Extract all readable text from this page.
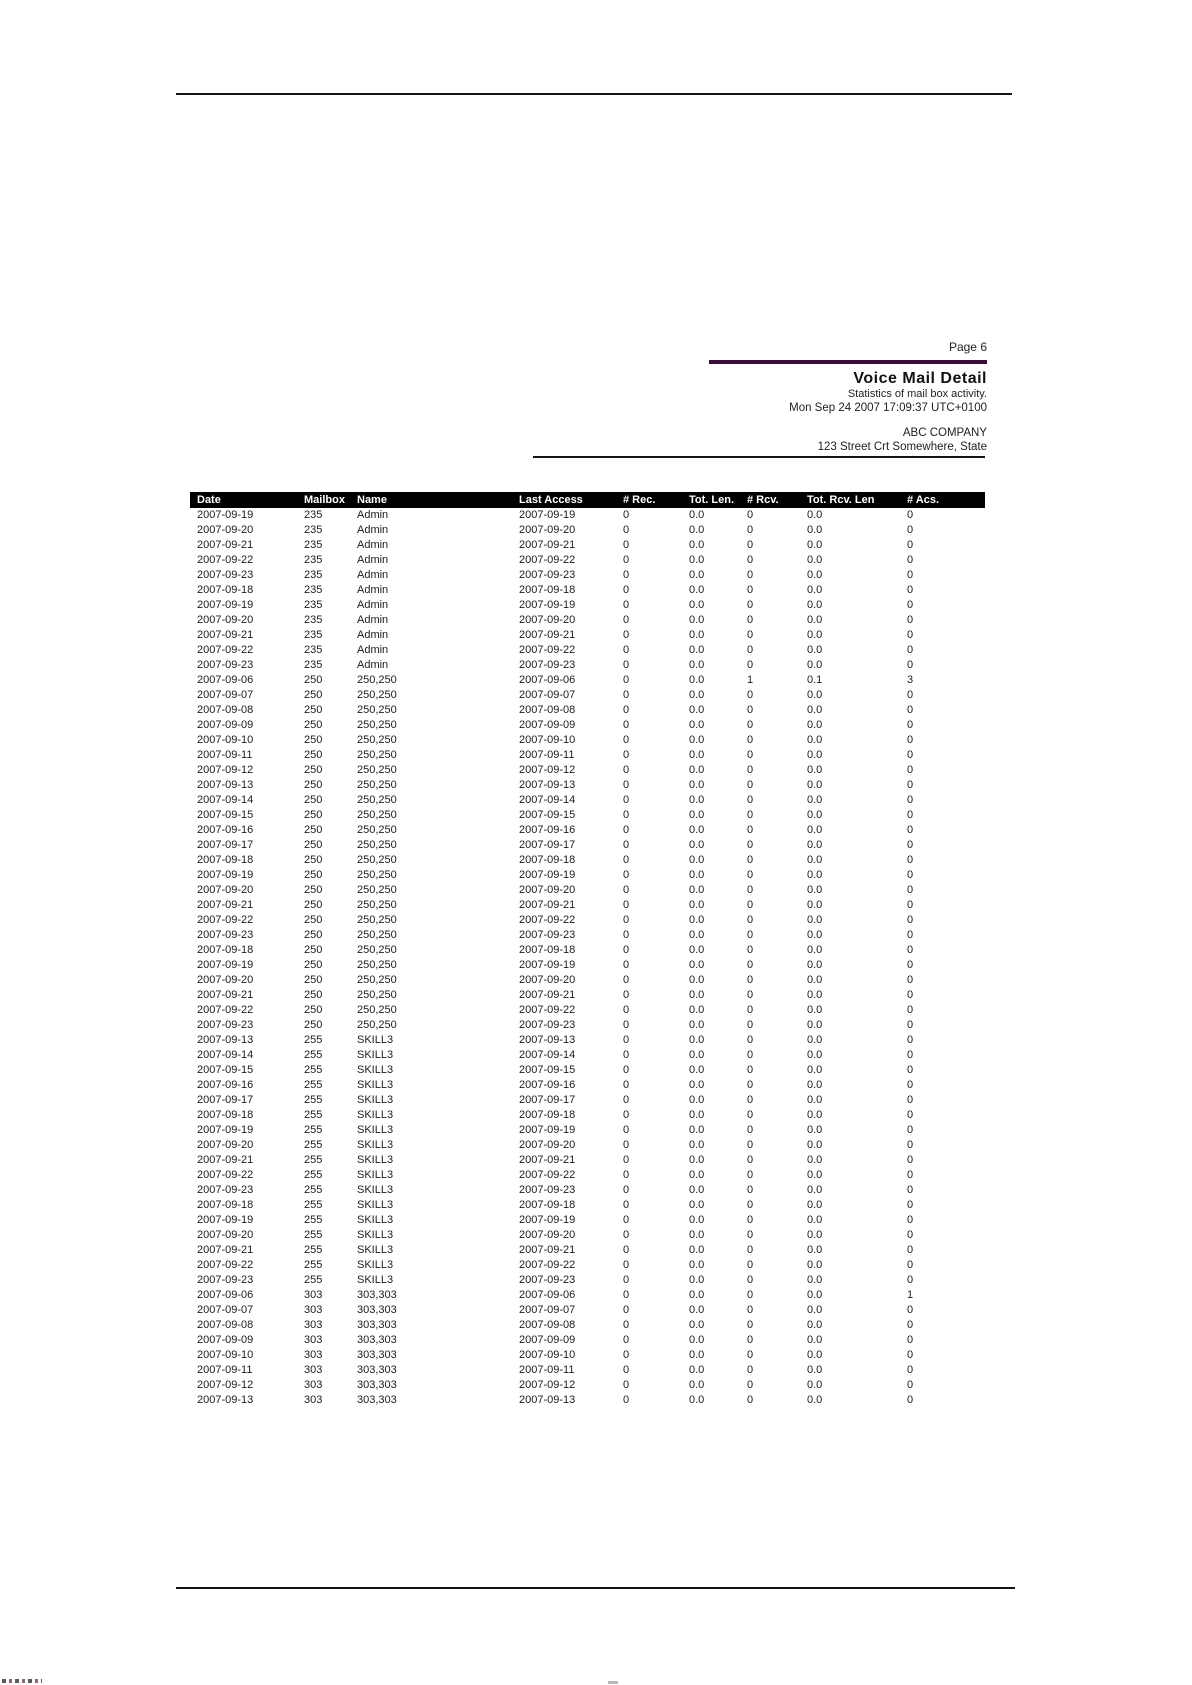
Page 6
Voice Mail Detail
Statistics of mail box activity.
Mon Sep 24 2007 17:09:37 UTC+0100
ABC COMPANY
123 Street Crt Somewhere, State
Date	Mailbox	Name	Last Access	# Rec.	Tot. Len.	# Rcv.	Tot. Rcv. Len	# Acs.
2007-09-19	235	Admin	2007-09-19	0	0.0	0	0.0	0
2007-09-20	235	Admin	2007-09-20	0	0.0	0	0.0	0
2007-09-21	235	Admin	2007-09-21	0	0.0	0	0.0	0
2007-09-22	235	Admin	2007-09-22	0	0.0	0	0.0	0
2007-09-23	235	Admin	2007-09-23	0	0.0	0	0.0	0
2007-09-18	235	Admin	2007-09-18	0	0.0	0	0.0	0
2007-09-19	235	Admin	2007-09-19	0	0.0	0	0.0	0
2007-09-20	235	Admin	2007-09-20	0	0.0	0	0.0	0
2007-09-21	235	Admin	2007-09-21	0	0.0	0	0.0	0
2007-09-22	235	Admin	2007-09-22	0	0.0	0	0.0	0
2007-09-23	235	Admin	2007-09-23	0	0.0	0	0.0	0
2007-09-06	250	250,250	2007-09-06	0	0.0	1	0.1	3
2007-09-07	250	250,250	2007-09-07	0	0.0	0	0.0	0
2007-09-08	250	250,250	2007-09-08	0	0.0	0	0.0	0
2007-09-09	250	250,250	2007-09-09	0	0.0	0	0.0	0
2007-09-10	250	250,250	2007-09-10	0	0.0	0	0.0	0
2007-09-11	250	250,250	2007-09-11	0	0.0	0	0.0	0
2007-09-12	250	250,250	2007-09-12	0	0.0	0	0.0	0
2007-09-13	250	250,250	2007-09-13	0	0.0	0	0.0	0
2007-09-14	250	250,250	2007-09-14	0	0.0	0	0.0	0
2007-09-15	250	250,250	2007-09-15	0	0.0	0	0.0	0
2007-09-16	250	250,250	2007-09-16	0	0.0	0	0.0	0
2007-09-17	250	250,250	2007-09-17	0	0.0	0	0.0	0
2007-09-18	250	250,250	2007-09-18	0	0.0	0	0.0	0
2007-09-19	250	250,250	2007-09-19	0	0.0	0	0.0	0
2007-09-20	250	250,250	2007-09-20	0	0.0	0	0.0	0
2007-09-21	250	250,250	2007-09-21	0	0.0	0	0.0	0
2007-09-22	250	250,250	2007-09-22	0	0.0	0	0.0	0
2007-09-23	250	250,250	2007-09-23	0	0.0	0	0.0	0
2007-09-18	250	250,250	2007-09-18	0	0.0	0	0.0	0
2007-09-19	250	250,250	2007-09-19	0	0.0	0	0.0	0
2007-09-20	250	250,250	2007-09-20	0	0.0	0	0.0	0
2007-09-21	250	250,250	2007-09-21	0	0.0	0	0.0	0
2007-09-22	250	250,250	2007-09-22	0	0.0	0	0.0	0
2007-09-23	250	250,250	2007-09-23	0	0.0	0	0.0	0
2007-09-13	255	SKILL3	2007-09-13	0	0.0	0	0.0	0
2007-09-14	255	SKILL3	2007-09-14	0	0.0	0	0.0	0
2007-09-15	255	SKILL3	2007-09-15	0	0.0	0	0.0	0
2007-09-16	255	SKILL3	2007-09-16	0	0.0	0	0.0	0
2007-09-17	255	SKILL3	2007-09-17	0	0.0	0	0.0	0
2007-09-18	255	SKILL3	2007-09-18	0	0.0	0	0.0	0
2007-09-19	255	SKILL3	2007-09-19	0	0.0	0	0.0	0
2007-09-20	255	SKILL3	2007-09-20	0	0.0	0	0.0	0
2007-09-21	255	SKILL3	2007-09-21	0	0.0	0	0.0	0
2007-09-22	255	SKILL3	2007-09-22	0	0.0	0	0.0	0
2007-09-23	255	SKILL3	2007-09-23	0	0.0	0	0.0	0
2007-09-18	255	SKILL3	2007-09-18	0	0.0	0	0.0	0
2007-09-19	255	SKILL3	2007-09-19	0	0.0	0	0.0	0
2007-09-20	255	SKILL3	2007-09-20	0	0.0	0	0.0	0
2007-09-21	255	SKILL3	2007-09-21	0	0.0	0	0.0	0
2007-09-22	255	SKILL3	2007-09-22	0	0.0	0	0.0	0
2007-09-23	255	SKILL3	2007-09-23	0	0.0	0	0.0	0
2007-09-06	303	303,303	2007-09-06	0	0.0	0	0.0	1
2007-09-07	303	303,303	2007-09-07	0	0.0	0	0.0	0
2007-09-08	303	303,303	2007-09-08	0	0.0	0	0.0	0
2007-09-09	303	303,303	2007-09-09	0	0.0	0	0.0	0
2007-09-10	303	303,303	2007-09-10	0	0.0	0	0.0	0
2007-09-11	303	303,303	2007-09-11	0	0.0	0	0.0	0
2007-09-12	303	303,303	2007-09-12	0	0.0	0	0.0	0
2007-09-13	303	303,303	2007-09-13	0	0.0	0	0.0	0
